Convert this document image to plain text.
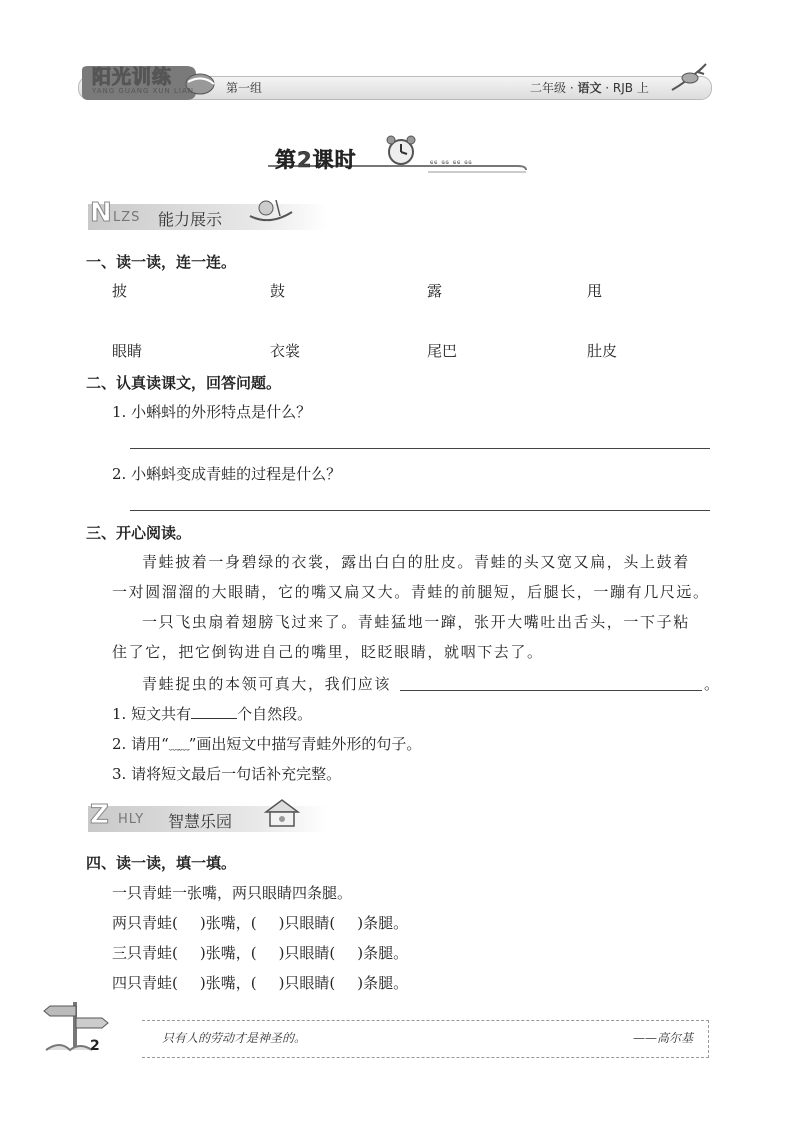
阳光训练
YANG GUANG XUN LIAN	第一组	二年级 · 语文 · RJB 上
第2课时	ҩҩ ҩҩ ҩҩ ҩҩ
N LZS 能力展示
一、读一读，连一连。
披	鼓	露	甩
眼睛	衣裳	尾巴	肚皮
二、认真读课文，回答问题。
1. 小蝌蚪的外形特点是什么？
2. 小蝌蚪变成青蛙的过程是什么？
三、开心阅读。
青蛙披着一身碧绿的衣裳，露出白白的肚皮。青蛙的头又宽又扁，头上鼓着
一对圆溜溜的大眼睛，它的嘴又扁又大。青蛙的前腿短，后腿长，一蹦有几尺远。
一只飞虫扇着翅膀飞过来了。青蛙猛地一蹿，张开大嘴吐出舌头，一下子粘
住了它，把它倒钩进自己的嘴里，眨眨眼睛，就咽下去了。
青蛙捉虫的本领可真大，我们应该	。
1. 短文共有	个自然段。
2. 请用“﹏﹏”画出短文中描写青蛙外形的句子。
3. 请将短文最后一句话补充完整。
Z HLY 智慧乐园
四、读一读，填一填。
一只青蛙一张嘴，两只眼睛四条腿。
两只青蛙( )张嘴，( )只眼睛( )条腿。
三只青蛙( )张嘴，( )只眼睛( )条腿。
四只青蛙( )张嘴，( )只眼睛( )条腿。
只有人的劳动才是神圣的。	——高尔基
2
